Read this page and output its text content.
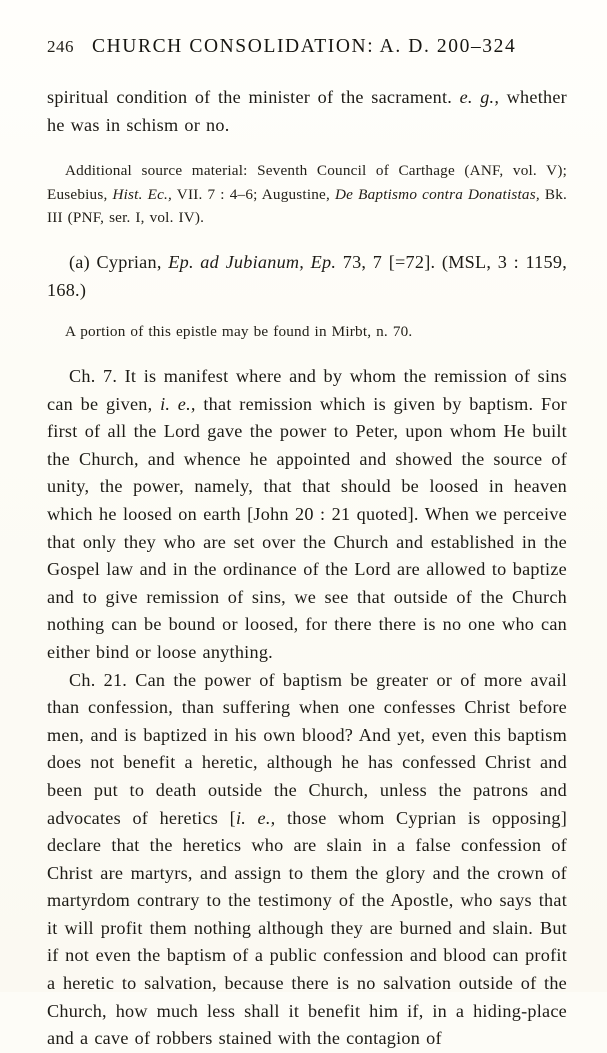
246 CHURCH CONSOLIDATION: A. D. 200–324

spiritual condition of the minister of the sacrament. e. g., whether he was in schism or no.

Additional source material: Seventh Council of Carthage (ANF, vol. V); Eusebius, Hist. Ec., VII. 7 : 4–6; Augustine, De Baptismo contra Donatistas, Bk. III (PNF, ser. I, vol. IV).

(a) Cyprian, Ep. ad Jubianum, Ep. 73, 7 [=72]. (MSL, 3 : 1159, 168.)

A portion of this epistle may be found in Mirbt, n. 70.

Ch. 7. It is manifest where and by whom the remission of sins can be given, i. e., that remission which is given by baptism. For first of all the Lord gave the power to Peter, upon whom He built the Church, and whence he appointed and showed the source of unity, the power, namely, that that should be loosed in heaven which he loosed on earth [John 20 : 21 quoted]. When we perceive that only they who are set over the Church and established in the Gospel law and in the ordinance of the Lord are allowed to baptize and to give remission of sins, we see that outside of the Church nothing can be bound or loosed, for there there is no one who can either bind or loose anything.

Ch. 21. Can the power of baptism be greater or of more avail than confession, than suffering when one confesses Christ before men, and is baptized in his own blood? And yet, even this baptism does not benefit a heretic, although he has confessed Christ and been put to death outside the Church, unless the patrons and advocates of heretics [i. e., those whom Cyprian is opposing] declare that the heretics who are slain in a false confession of Christ are martyrs, and assign to them the glory and the crown of martyrdom contrary to the testimony of the Apostle, who says that it will profit them nothing although they are burned and slain. But if not even the baptism of a public confession and blood can profit a heretic to salvation, because there is no salvation outside of the Church, how much less shall it benefit him if, in a hiding-place and a cave of robbers stained with the contagion of
